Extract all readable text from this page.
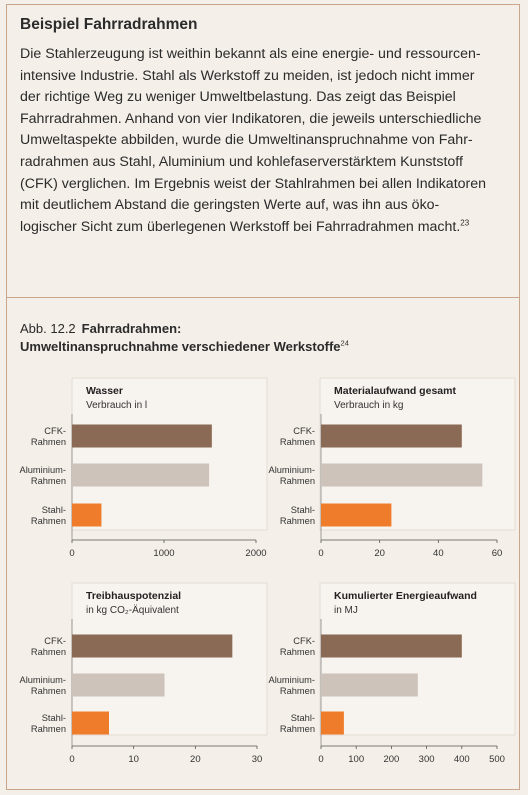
Beispiel Fahrradrahmen
Die Stahlerzeugung ist weithin bekannt als eine energie- und ressourcen-
intensive Industrie. Stahl als Werkstoff zu meiden, ist jedoch nicht immer
der richtige Weg zu weniger Umweltbelastung. Das zeigt das Beispiel
Fahrradrahmen. Anhand von vier Indikatoren, die jeweils unterschiedliche
Umweltaspekte abbilden, wurde die Umweltinanspruchnahme von Fahr-
radrahmen aus Stahl, Aluminium und kohlefaserverstärktem Kunststoff
(CFK) verglichen. Im Ergebnis weist der Stahlrahmen bei allen Indikatoren
mit deutlichem Abstand die geringsten Werte auf, was ihn aus öko-
logischer Sicht zum überlegenen Werkstoff bei Fahrradrahmen macht.$^{23}$
Abb. 12.2 Fahrradrahmen:
Umweltinanspruchnahme verschiedener Werkstoffe$^{24}$
Wasser
Verbrauch in l
0	1000	2000
CFK-
Rahmen
Aluminium-
Rahmen
Stahl-
Rahmen
Materialaufwand gesamt
Verbrauch in kg
0	20	40	60
CFK-
Rahmen
Aluminium-
Rahmen
Stahl-
Rahmen
Treibhauspotenzial
in kg CO₂-Äquivalent
0	10	20	30
CFK-
Rahmen
Aluminium-
Rahmen
Stahl-
Rahmen
Kumulierter Energieaufwand
in MJ
0	100 200 300 400 500
CFK-
Rahmen
Aluminium-
Rahmen
Stahl-
Rahmen
